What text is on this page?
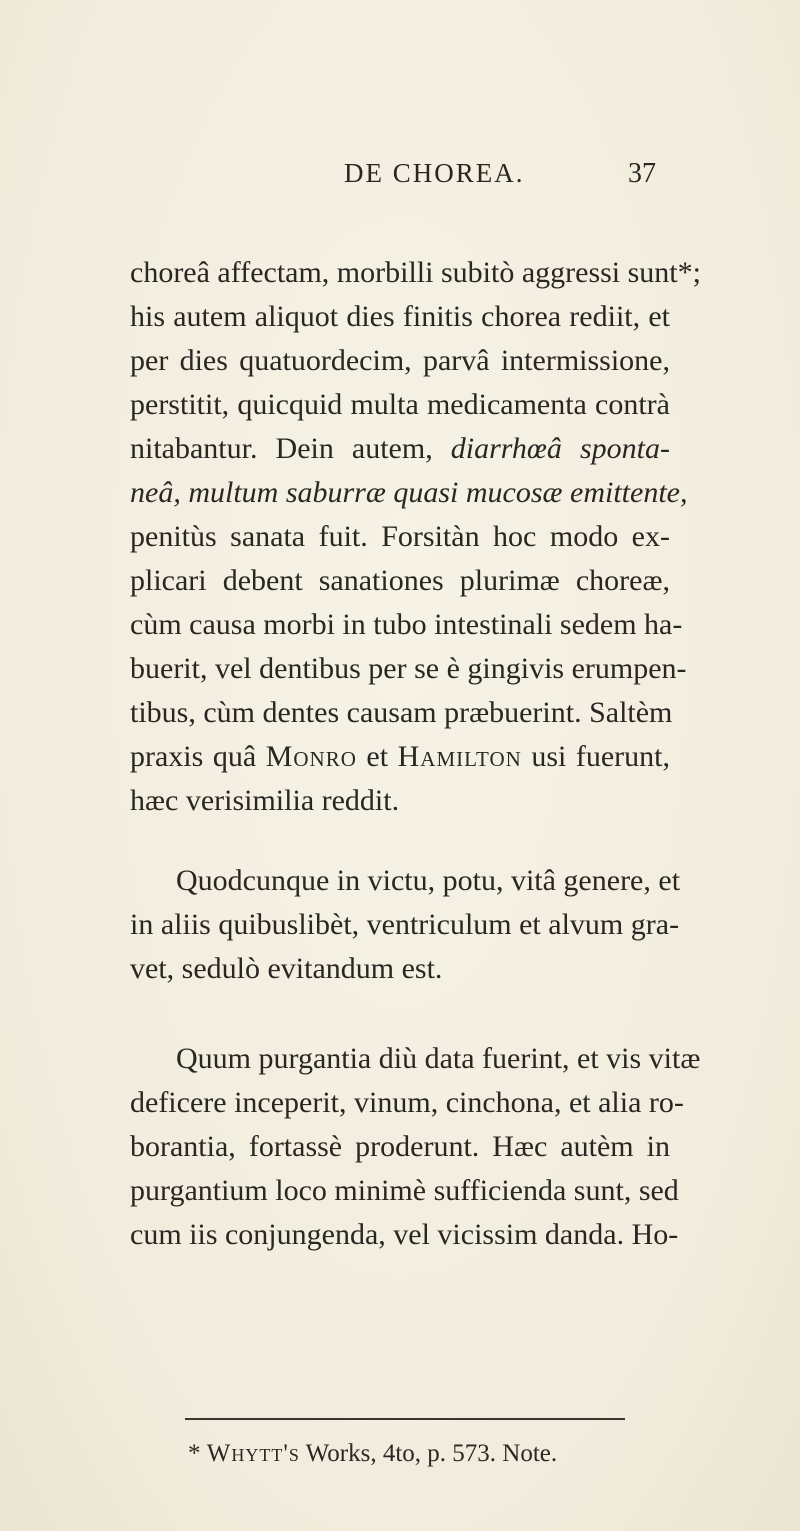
DE CHOREA.	37
choreâ affectam, morbilli subitò aggressi sunt*;
his autem aliquot dies finitis chorea rediit, et
per dies quatuordecim, parvâ intermissione,
perstitit, quicquid multa medicamenta contrà
nitabantur. Dein autem, diarrhœâ sponta-
neâ, multum saburræ quasi mucosæ emittente,
penitùs sanata fuit. Forsitàn hoc modo ex-
plicari debent sanationes plurimæ choreæ,
cùm causa morbi in tubo intestinali sedem ha-
buerit, vel dentibus per se è gingivis erumpen-
tibus, cùm dentes causam præbuerint. Saltèm
praxis quâ Monro et Hamilton usi fuerunt,
hæc verisimilia reddit.
Quodcunque in victu, potu, vitâ genere, et
in aliis quibuslibèt, ventriculum et alvum gra-
vet, sedulò evitandum est.
Quum purgantia diù data fuerint, et vis vitæ
deficere inceperit, vinum, cinchona, et alia ro-
borantia, fortassè proderunt. Hæc autèm in
purgantium loco minimè sufficienda sunt, sed
cum iis conjungenda, vel vicissim danda. Ho-
* Whytt's Works, 4to, p. 573. Note.
